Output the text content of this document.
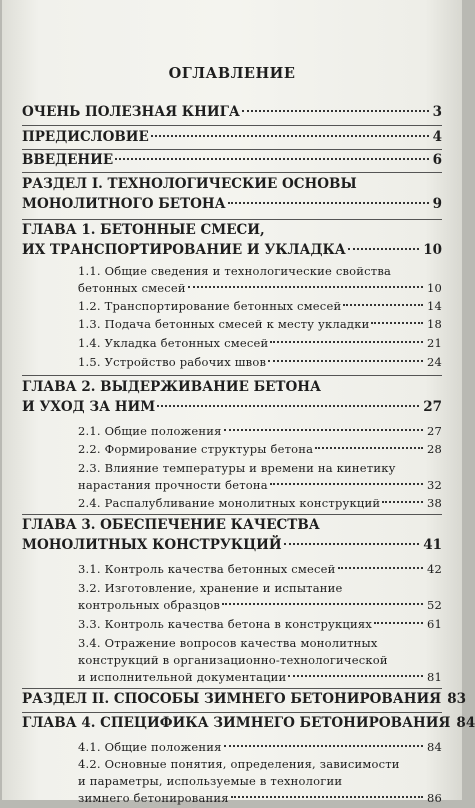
ОГЛАВЛЕНИЕ
ОЧЕНЬ ПОЛЕЗНАЯ КНИГА	3
ПРЕДИСЛОВИЕ	4
ВВЕДЕНИЕ	6
РАЗДЕЛ I. ТЕХНОЛОГИЧЕСКИЕ ОСНОВЫ
МОНОЛИТНОГО БЕТОНА	9
ГЛАВА 1. БЕТОННЫЕ СМЕСИ,
ИХ ТРАНСПОРТИРОВАНИЕ И УКЛАДКА	10
1.1. Общие сведения и технологические свойства
бетонных смесей	10
1.2. Транспортирование бетонных смесей	14
1.3. Подача бетонных смесей к месту укладки	18
1.4. Укладка бетонных смесей	21
1.5. Устройство рабочих швов	24
ГЛАВА 2. ВЫДЕРЖИВАНИЕ БЕТОНА
И УХОД ЗА НИМ	27
2.1. Общие положения	27
2.2. Формирование структуры бетона	28
2.3. Влияние температуры и времени на кинетику
нарастания прочности бетона	32
2.4. Распалубливание монолитных конструкций	38
ГЛАВА 3. ОБЕСПЕЧЕНИЕ КАЧЕСТВА
МОНОЛИТНЫХ КОНСТРУКЦИЙ	41
3.1. Контроль качества бетонных смесей	42
3.2. Изготовление, хранение и испытание
контрольных образцов	52
3.3. Контроль качества бетона в конструкциях	61
3.4. Отражение вопросов качества монолитных
конструкций в организационно-технологической
и исполнительной документации	81
РАЗДЕЛ II. СПОСОБЫ ЗИМНЕГО БЕТОНИРОВАНИЯ 83
ГЛАВА 4. СПЕЦИФИКА ЗИМНЕГО БЕТОНИРОВАНИЯ 84
4.1. Общие положения	84
4.2. Основные понятия, определения, зависимости
и параметры, используемые в технологии
зимнего бетонирования	86
